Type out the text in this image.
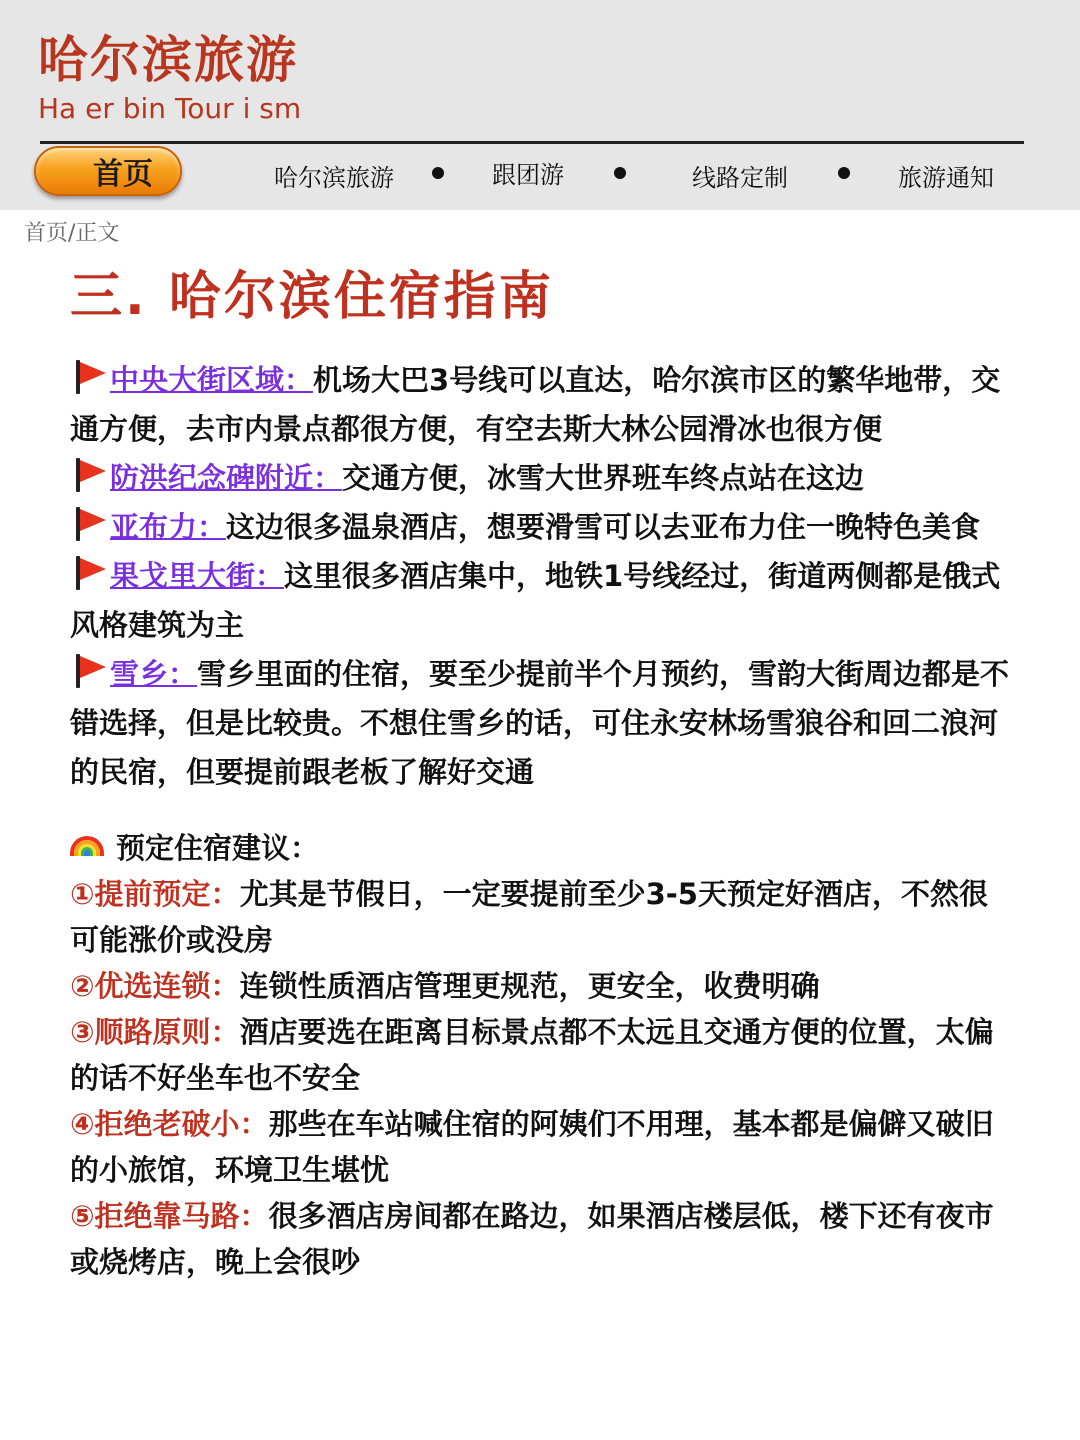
哈尔滨旅游
Ha er bin Tour i sm
首页	哈尔滨旅游	跟团游	线路定制	旅游通知
首页/正文
三. 哈尔滨住宿指南

中央大街区域：机场大巴3号线可以直达，哈尔滨市区的繁华地带，交通方便，去市内景点都很方便，有空去斯大林公园滑冰也很方便

防洪纪念碑附近：交通方便，冰雪大世界班车终点站在这边

亚布力：这边很多温泉酒店，想要滑雪可以去亚布力住一晚特色美食

果戈里大街：这里很多酒店集中，地铁1号线经过，街道两侧都是俄式风格建筑为主

雪乡：雪乡里面的住宿，要至少提前半个月预约，雪韵大街周边都是不错选择，但是比较贵。不想住雪乡的话，可住永安林场雪狼谷和回二浪河的民宿，但要提前跟老板了解好交通

预定住宿建议：

①提前预定：尤其是节假日，一定要提前至少3-5天预定好酒店，不然很可能涨价或没房

②优选连锁：连锁性质酒店管理更规范，更安全，收费明确

③顺路原则：酒店要选在距离目标景点都不太远且交通方便的位置，太偏的话不好坐车也不安全

④拒绝老破小：那些在车站喊住宿的阿姨们不用理，基本都是偏僻又破旧的小旅馆，环境卫生堪忧

⑤拒绝靠马路：很多酒店房间都在路边，如果酒店楼层低，楼下还有夜市或烧烤店，晚上会很吵
